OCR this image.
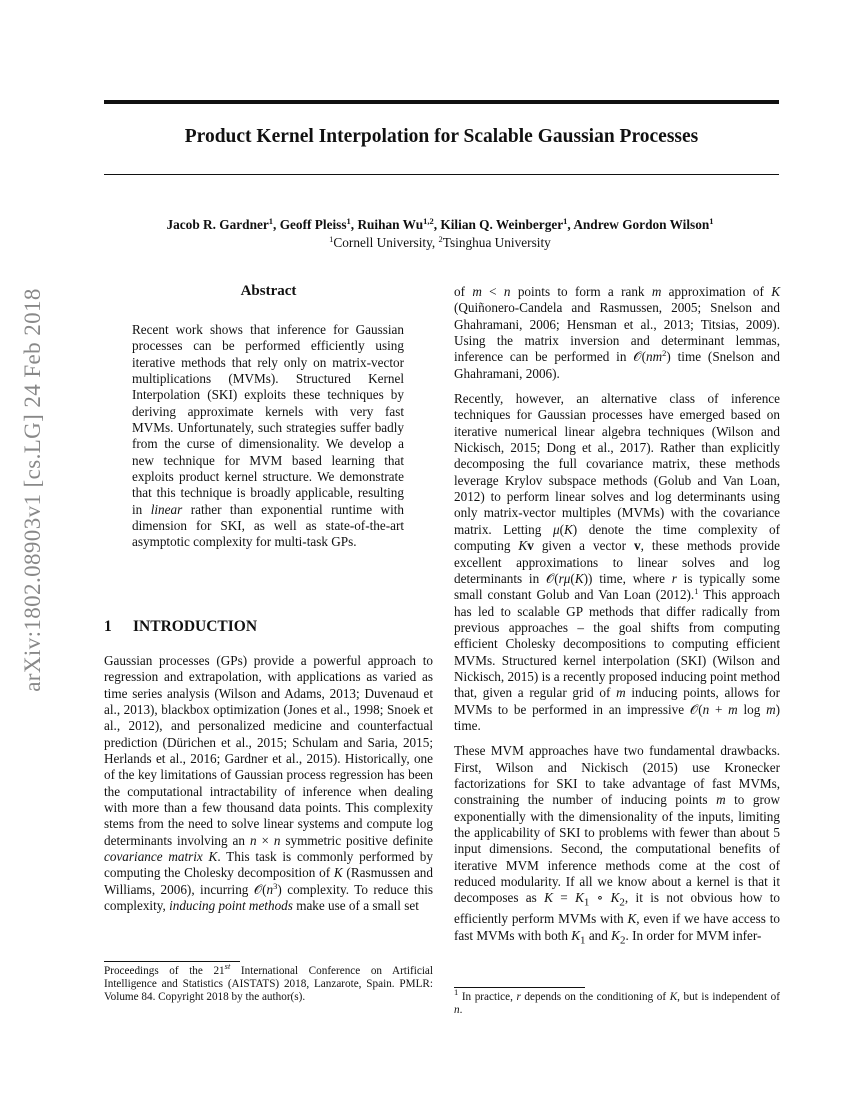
Product Kernel Interpolation for Scalable Gaussian Processes
Jacob R. Gardner$^1$, Geoff Pleiss$^1$, Ruihan Wu$^{1,2}$, Kilian Q. Weinberger$^1$, Andrew Gordon Wilson$^1$
$^1$Cornell University, $^2$Tsinghua University
arXiv:1802.08903v1 [cs.LG] 24 Feb 2018	Abstract

Recent work shows that inference for Gaussian processes can be performed efficiently using iterative methods that rely only on matrix-vector multiplications (MVMs). Structured Kernel Interpolation (SKI) exploits these techniques by deriving approximate kernels with very fast MVMs. Unfortunately, such strategies suffer badly from the curse of dimensionality. We develop a new technique for MVM based learning that exploits product kernel structure. We demonstrate that this technique is broadly applicable, resulting in linear rather than exponential runtime with dimension for SKI, as well as state-of-the-art asymptotic complexity for multi-task GPs.

1 INTRODUCTION

Gaussian processes (GPs) provide a powerful approach to regression and extrapolation, with applications as varied as time series analysis (Wilson and Adams, 2013; Duvenaud et al., 2013), blackbox optimization (Jones et al., 1998; Snoek et al., 2012), and personalized medicine and counterfactual prediction (Dürichen et al., 2015; Schulam and Saria, 2015; Herlands et al., 2016; Gardner et al., 2015). Historically, one of the key limitations of Gaussian process regression has been the computational intractability of inference when dealing with more than a few thousand data points. This complexity stems from the need to solve linear systems and compute log determinants involving an n × n symmetric positive definite covariance matrix K. This task is commonly performed by computing the Cholesky decomposition of K (Rasmussen and Williams, 2006), incurring $𝒪(n^3)$ complexity. To reduce this complexity, inducing point methods make use of a small set

Proceedings of the 21st International Conference on Artificial Intelligence and Statistics (AISTATS) 2018, Lanzarote, Spain. PMLR: Volume 84. Copyright 2018 by the author(s).

of m < n points to form a rank m approximation of K (Quiñonero-Candela and Rasmussen, 2005; Snelson and Ghahramani, 2006; Hensman et al., 2013; Titsias, 2009). Using the matrix inversion and determinant lemmas, inference can be performed in $𝒪(nm^2)$ time (Snelson and Ghahramani, 2006).

Recently, however, an alternative class of inference techniques for Gaussian processes have emerged based on iterative numerical linear algebra techniques (Wilson and Nickisch, 2015; Dong et al., 2017). Rather than explicitly decomposing the full covariance matrix, these methods leverage Krylov subspace methods (Golub and Van Loan, 2012) to perform linear solves and log determinants using only matrix-vector multiples (MVMs) with the covariance matrix. Letting μ(K) denote the time complexity of computing Kv given a vector v, these methods provide excellent approximations to linear solves and log determinants in 𝒪(rμ(K)) time, where r is typically some small constant Golub and Van Loan (2012).$^1$ This approach has led to scalable GP methods that differ radically from previous approaches – the goal shifts from computing efficient Cholesky decompositions to computing efficient MVMs. Structured kernel interpolation (SKI) (Wilson and Nickisch, 2015) is a recently proposed inducing point method that, given a regular grid of m inducing points, allows for MVMs to be performed in an impressive 𝒪(n + m log m) time.

These MVM approaches have two fundamental drawbacks. First, Wilson and Nickisch (2015) use Kronecker factorizations for SKI to take advantage of fast MVMs, constraining the number of inducing points m to grow exponentially with the dimensionality of the inputs, limiting the applicability of SKI to problems with fewer than about 5 input dimensions. Second, the computational benefits of iterative MVM inference methods come at the cost of reduced modularity. If all we know about a kernel is that it decomposes as $K = K_1$ ∘ $K_2$, it is not obvious how to efficiently perform MVMs with K, even if we have access to fast MVMs with both $K_1$ and $K_2$. In order for MVM infer-

$^1$ In practice, r depends on the conditioning of K, but is independent of n.
